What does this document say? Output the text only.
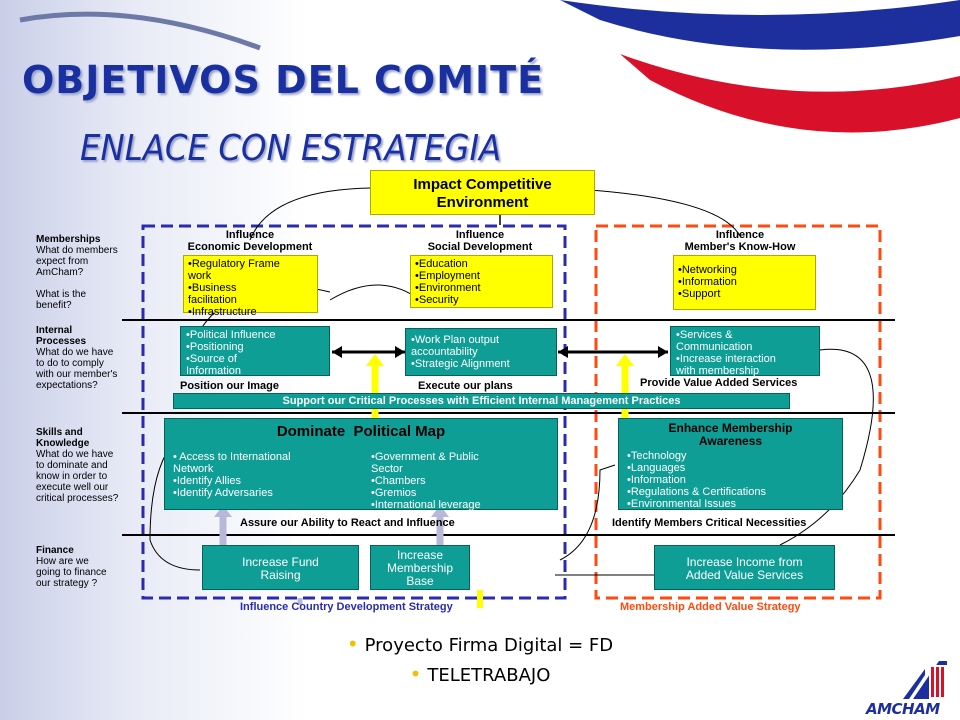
OBJETIVOS DEL COMITÉ
ENLACE CON ESTRATEGIA
Impact Competitive
Environment
Memberships
What do members
expect from
AmCham?
What is the
benefit?
Internal
Processes
What do we have
to do to comply
with our member's
expectations?
Skills and
Knowledge
What do we have
to dominate and
know in order to
execute well our
critical processes?
Finance
How are we
going to finance
our strategy ?
Influence
Economic Development
Influence
Social Development
Influence
Member's Know-How
•Regulatory Frame
work
•Business
facilitation
•Infrastructure
•Education
•Employment
•Environment
•Security
•Networking
•Information
•Support
•Political Influence
•Positioning
•Source of
Information
Position our Image
•Work Plan output
accountability
•Strategic Alignment
Execute our plans
•Services &
Communication
•Increase interaction
with membership
Provide Value Added Services
Support our Critical Processes with Efficient Internal Management Practices
Dominate  Political Map
• Access to International
Network
•Identify Allies
•Identify Adversaries
•Government & Public
Sector
•Chambers
•Gremios
•International leverage
Assure our Ability to React and Influence
Enhance Membership
Awareness
•Technology
•Languages
•Information
•Regulations & Certifications
•Environmental Issues
Identify Members Critical Necessities
Increase Fund
Raising
Increase
Membership
Base
Increase Income from
Added Value Services
Influence Country Development Strategy	Membership Added Value Strategy
• Proyecto Firma Digital = FD
• TELETRABAJO
AMCHAM
